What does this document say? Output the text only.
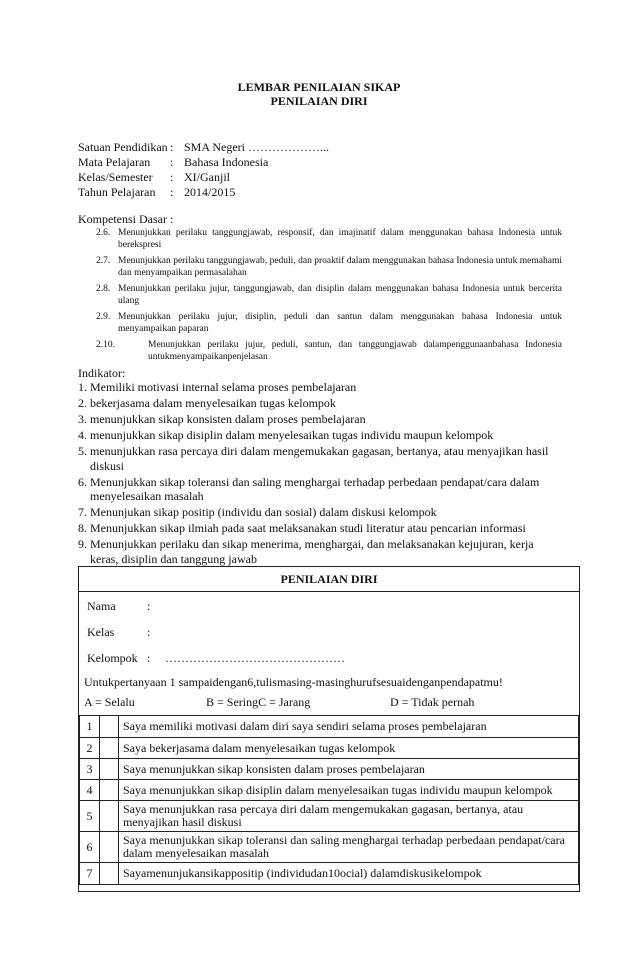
LEMBAR PENILAIAN SIKAP
PENILAIAN DIRI
Satuan Pendidikan : SMA Negeri ………………...
Mata Pelajaran	: Bahasa Indonesia
Kelas/Semester	: XI/Ganjil
Tahun Pelajaran	: 2014/2015
Kompetensi Dasar :
2.6. Menunjukkan perilaku tanggungjawab, responsif, dan imajinatif dalam menggunakan bahasa Indonesia untuk berekspresi
2.7. Menunjukkan perilaku tanggungjawab, peduli, dan proaktif dalam menggunakan bahasa Indonesia untuk memahami dan menyampaikan permasalahan
2.8. Menunjukkan perilaku jujur, tanggungjawab, dan disiplin dalam menggunakan bahasa Indonesia untuk bercerita ulang
2.9. Menunjukkan perilaku jujur, disiplin, peduli dan santun dalam menggunakan bahasa Indonesia untuk menyampaikan paparan
2.10.	Menunjukkan perilaku jujur, peduli, santun, dan tanggungjawab dalampenggunaanbahasa Indonesia untukmenyampaikanpenjelasan
Indikator:
1. Memiliki motivasi internal selama proses pembelajaran
2. bekerjasama dalam menyelesaikan tugas kelompok
3. menunjukkan sikap konsisten dalam proses pembelajaran
4. menunjukkan sikap disiplin dalam menyelesaikan tugas individu maupun kelompok
5. menunjukkan rasa percaya diri dalam mengemukakan gagasan, bertanya, atau menyajikan hasil diskusi
6. Menunjukkan sikap toleransi dan saling menghargai terhadap perbedaan pendapat/cara dalam menyelesaikan masalah
7. Menunjukan sikap positip (individu dan sosial) dalam diskusi kelompok
8. Menunjukkan sikap ilmiah pada saat melaksanakan studi literatur atau pencarian informasi
9. Menunjukkan perilaku dan sikap menerima, menghargai, dan melaksanakan kejujuran, kerja keras, disiplin dan tanggung jawab
PENILAIAN DIRI
Nama	:
Kelas	:
Kelompok :	………………………………………
Untukpertanyaan 1 sampaidengan6,tulismasing-masinghurufsesuaidenganpendapatmu!
A = Selalu	B = SeringC = Jarang	D = Tidak pernah
1		Saya memiliki motivasi dalam diri saya sendiri selama proses pembelajaran
2		Saya bekerjasama dalam menyelesaikan tugas kelompok
3		Saya menunjukkan sikap konsisten dalam proses pembelajaran
4		Saya menunjukkan sikap disiplin dalam menyelesaikan tugas individu maupun kelompok
5		Saya menunjukkan rasa percaya diri dalam mengemukakan gagasan, bertanya, atau menyajikan hasil diskusi
6		Saya menunjukkan sikap toleransi dan saling menghargai terhadap perbedaan pendapat/cara dalam menyelesaikan masalah
7		Sayamenunjukansikappositip (individudan10ocial) dalamdiskusikelompok
